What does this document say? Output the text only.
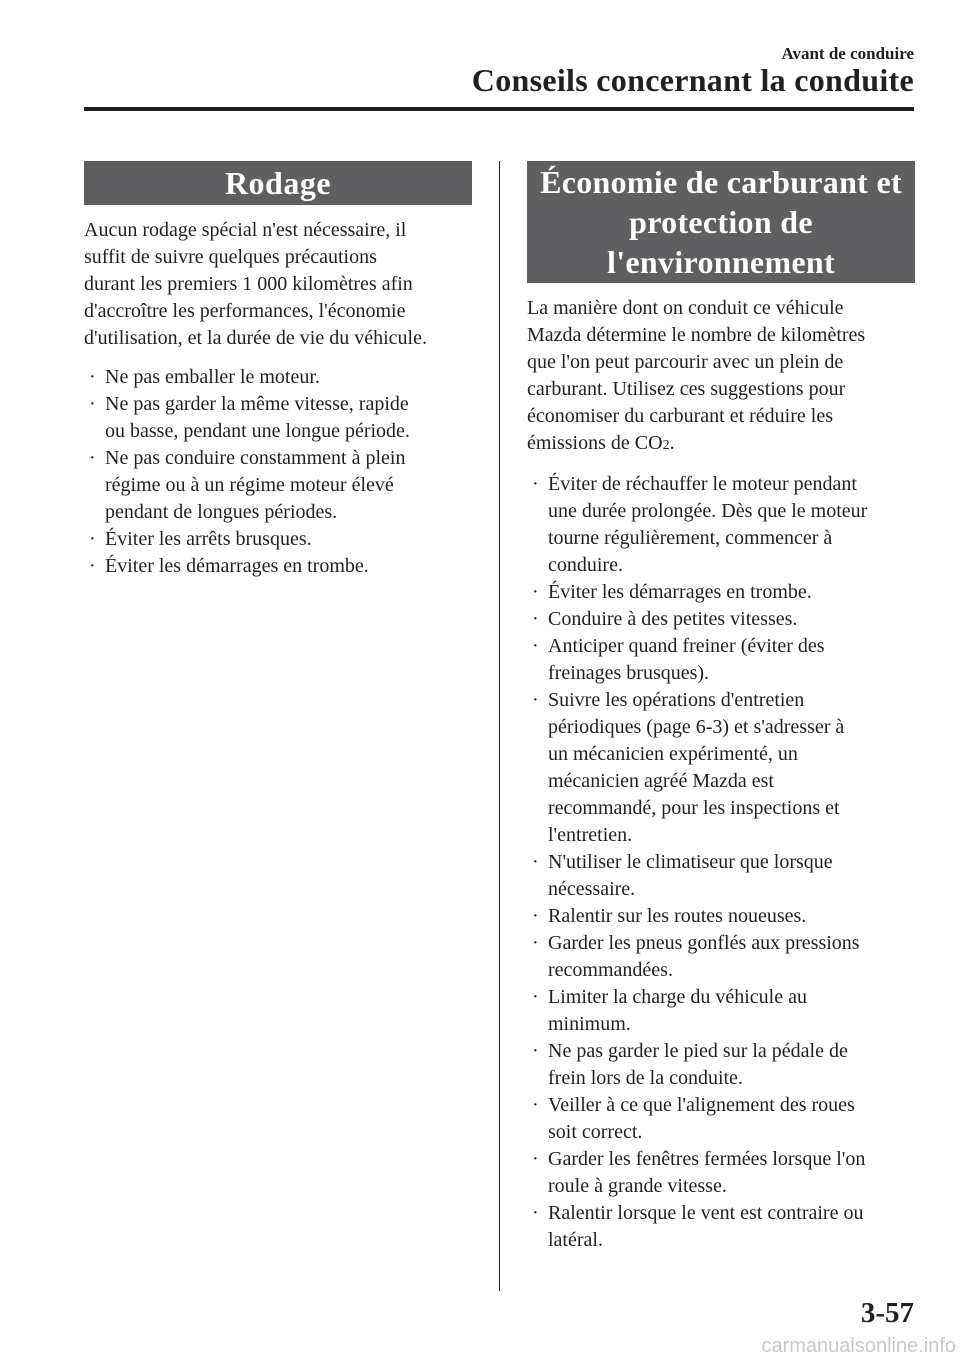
Avant de conduire
Conseils concernant la conduite
Rodage

Aucun rodage spécial n'est nécessaire, il

suffit de suivre quelques précautions

durant les premiers 1 000 kilomètres afin

d'accroître les performances, l'économie

d'utilisation, et la durée de vie du véhicule.

· Ne pas emballer le moteur.
· Ne pas garder la même vitesse, rapide
ou basse, pendant une longue période.
· Ne pas conduire constamment à plein
régime ou à un régime moteur élevé
pendant de longues périodes.
· Éviter les arrêts brusques.
· Éviter les démarrages en trombe.
Économie de carburant et
protection de
l'environnement

La manière dont on conduit ce véhicule

Mazda détermine le nombre de kilomètres

que l'on peut parcourir avec un plein de

carburant. Utilisez ces suggestions pour

économiser du carburant et réduire les

émissions de CO2.

· Éviter de réchauffer le moteur pendant
une durée prolongée. Dès que le moteur
tourne régulièrement, commencer à
conduire.
· Éviter les démarrages en trombe.
· Conduire à des petites vitesses.
· Anticiper quand freiner (éviter des
freinages brusques).
· Suivre les opérations d'entretien
périodiques (page 6-3) et s'adresser à
un mécanicien expérimenté, un
mécanicien agréé Mazda est
recommandé, pour les inspections et
l'entretien.
· N'utiliser le climatiseur que lorsque
nécessaire.
· Ralentir sur les routes noueuses.
· Garder les pneus gonflés aux pressions
recommandées.
· Limiter la charge du véhicule au
minimum.
· Ne pas garder le pied sur la pédale de
frein lors de la conduite.
· Veiller à ce que l'alignement des roues
soit correct.
· Garder les fenêtres fermées lorsque l'on
roule à grande vitesse.
· Ralentir lorsque le vent est contraire ou
latéral.
3-57
carmanualsonline.info
